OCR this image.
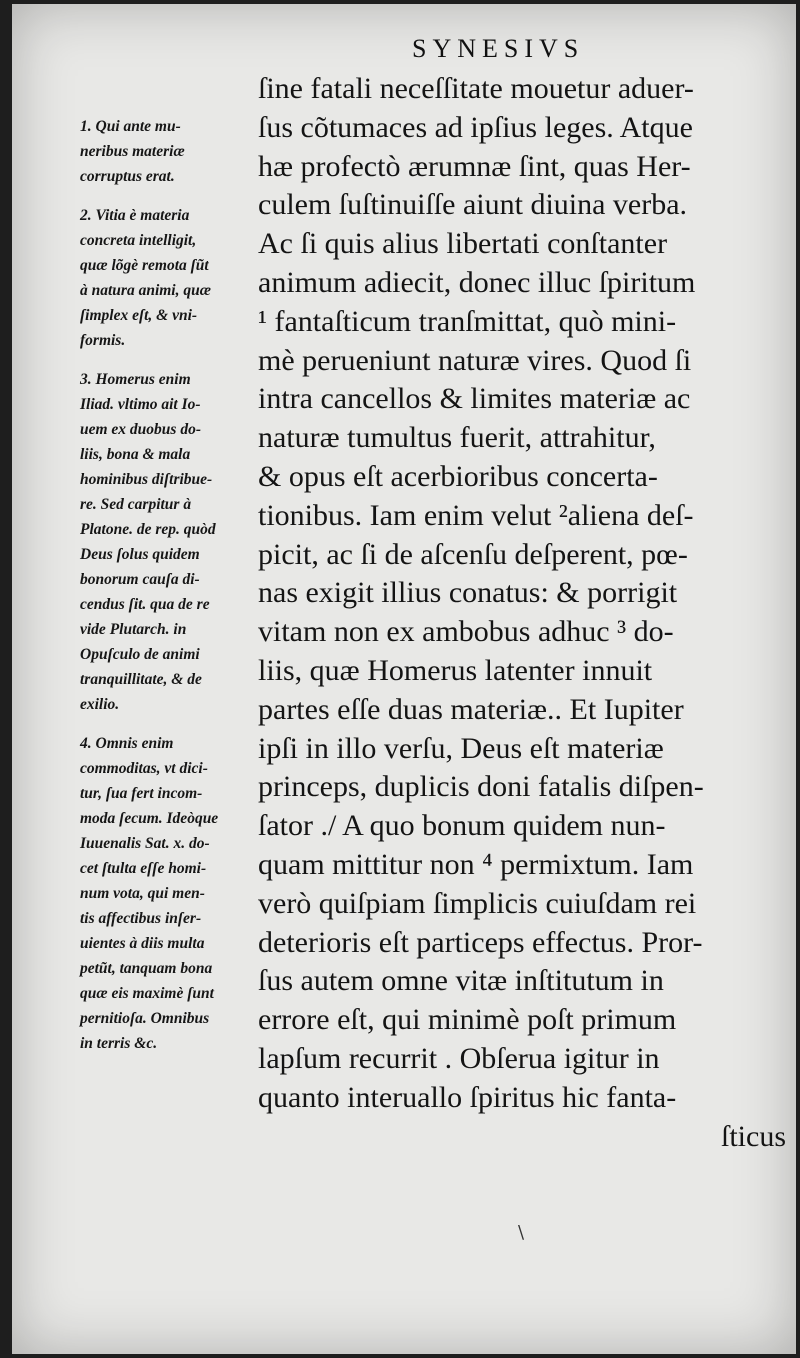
SYNESIVS
1. Qui ante mu-
neribus materiæ
corruptus erat.
2. Vitia è materia
concreta intelligit,
quæ lõgè remota ſũt
à natura animi, quæ
ſimplex eſt, & vni-
formis.
3. Homerus enim
Iliad. vltimo ait Io-
uem ex duobus do-
liis, bona & mala
hominibus diſtribue-
re. Sed carpitur à
Platone. de rep. quòd
Deus ſolus quidem
bonorum cauſa di-
cendus ſit. qua de re
vide Plutarch. in
Opuſculo de animi
tranquillitate, & de
exilio.
4. Omnis enim
commoditas, vt dici-
tur, ſua fert incom-
moda ſecum. Ideòque
Iuuenalis Sat. x. do-
cet ſtulta eſſe homi-
num vota, qui men-
tis affectibus inſer-
uientes à diis multa
petũt, tanquam bona
quæ eis maximè ſunt
pernitioſa. Omnibus
in terris &c.
ſine fatali neceſſitate mouetur aduer-
ſus cõtumaces ad ipſius leges. Atque
hæ profectò ærumnæ ſint, quas Her-
culem ſuſtinuiſſe aiunt diuina verba.
Ac ſi quis alius libertati conſtanter
animum adiecit, donec illuc ſpiritum
¹ fantaſticum tranſmittat, quò mini-
mè perueniunt naturæ vires. Quod ſi
intra cancellos & limites materiæ ac
naturæ tumultus fuerit, attrahitur,
& opus eſt acerbioribus concerta-
tionibus. Iam enim velut ²aliena deſ-
picit, ac ſi de aſcenſu deſperent, pœ-
nas exigit illius conatus: & porrigit
vitam non ex ambobus adhuc ³ do-
liis, quæ Homerus latenter innuit
partes eſſe duas materiæ.. Et Iupiter
ipſi in illo verſu, Deus eſt materiæ
princeps, duplicis doni fatalis diſpen-
ſator ./ A quo bonum quidem nun-
quam mittitur non ⁴ permixtum. Iam
verò quiſpiam ſimplicis cuiuſdam rei
deterioris eſt particeps effectus. Pror-
ſus autem omne vitæ inſtitutum in
errore eſt, qui minimè poſt primum
lapſum recurrit . Obſerua igitur in
quanto interuallo ſpiritus hic fanta-
ſticus
\
